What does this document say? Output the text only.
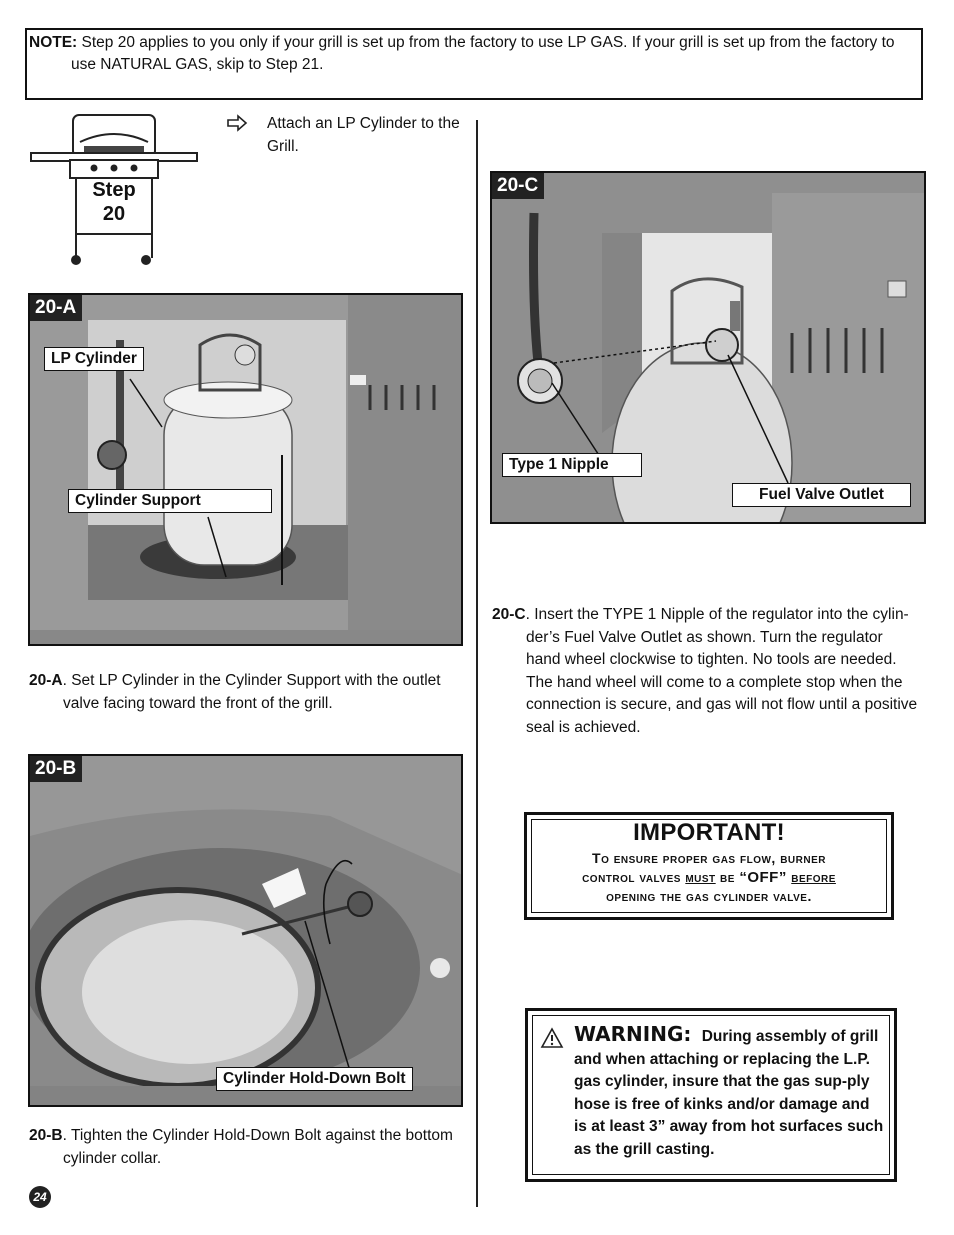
NOTE: Step 20 applies to you only if your grill is set up from the factory to use LP GAS. If your grill is set up from the factory to
use NATURAL GAS, skip to Step 21.
Step
20
Attach an LP Cylinder to the
Grill.
20-A
LP Cylinder
Cylinder Support
20-A. Set LP Cylinder in the Cylinder Support with the outlet
valve facing toward the front of the grill.
20-B
Cylinder Hold-Down Bolt
20-B. Tighten the Cylinder Hold-Down Bolt against the bottom
cylinder collar.
20-C
Type 1 Nipple
Fuel Valve Outlet
20-C. Insert the TYPE 1 Nipple of the regulator into the cylin-
der’s Fuel Valve Outlet as shown. Turn the regulator
hand wheel clockwise to tighten. No tools are needed.
The hand wheel will come to a complete stop when the
connection is secure, and gas will not flow until a positive
seal is achieved.
IMPORTANT!

To ensure proper gas flow, burner

control valves must be “OFF” before

opening the gas cylinder valve.

WARNING: During assembly of grill and when attaching or replacing the L.P. gas cylinder, insure that the gas sup-ply hose is free of kinks and/or damage and is at least 3” away from hot surfaces such as the grill casting.
24
